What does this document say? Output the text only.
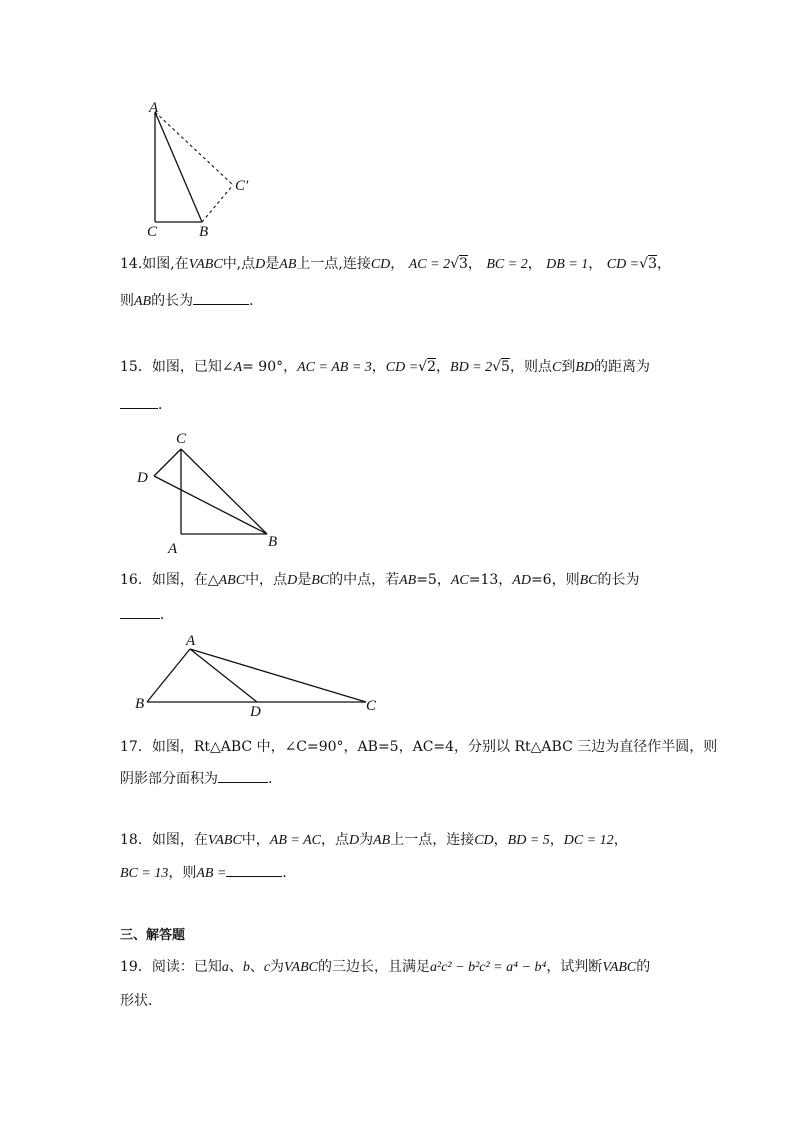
A
C	B
C′
14.如图,在VABC中,点D是AB上一点,连接CD， AC = 2√3， BC = 2， DB = 1， CD =√3，
则AB的长为	．
15．如图，已知∠A= 90°，AC = AB = 3，CD =√2，BD = 2√5，则点C到BD的距离为
．
C
D
A	B
16．如图，在△ABC中，点D是BC的中点，若AB=5，AC=13，AD=6，则BC的长为
．
A
B	D	C
17．如图，Rt△ABC 中，∠C=90°，AB=5，AC=4，分别以 Rt△ABC 三边为直径作半圆，则
阴影部分面积为	.
18．如图，在VABC中，AB = AC，点D为AB上一点，连接CD，BD = 5，DC = 12，
BC = 13，则AB =	．
三、解答题
19．阅读：已知a、b、c为VABC的三边长，且满足a²c² − b²c² = a⁴ − b⁴，试判断VABC的
形状．
